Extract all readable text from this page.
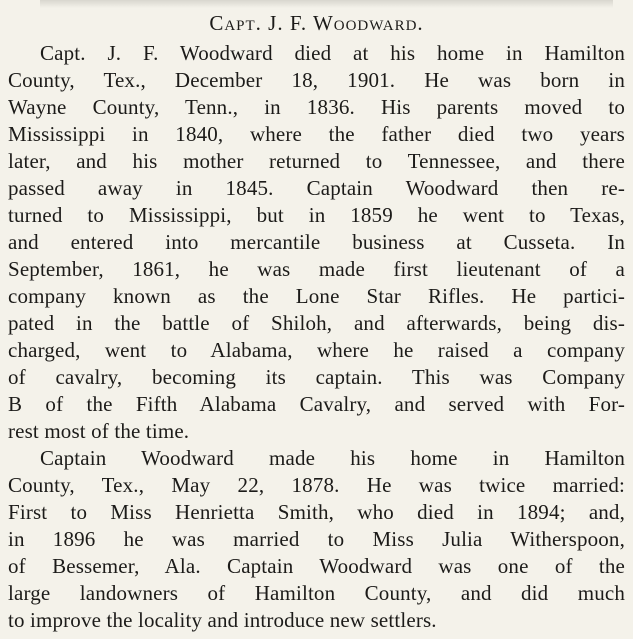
Capt. J. F. Woodward.
Capt. J. F. Woodward died at his home in Hamilton
County, Tex., December 18, 1901. He was born in
Wayne County, Tenn., in 1836. His parents moved to
Mississippi in 1840, where the father died two years
later, and his mother returned to Tennessee, and there
passed away in 1845. Captain Woodward then re-
turned to Mississippi, but in 1859 he went to Texas,
and entered into mercantile business at Cusseta. In
September, 1861, he was made first lieutenant of a
company known as the Lone Star Rifles. He partici-
pated in the battle of Shiloh, and afterwards, being dis-
charged, went to Alabama, where he raised a company
of cavalry, becoming its captain. This was Company
B of the Fifth Alabama Cavalry, and served with For-
rest most of the time.
Captain Woodward made his home in Hamilton
County, Tex., May 22, 1878. He was twice married:
First to Miss Henrietta Smith, who died in 1894; and,
in 1896 he was married to Miss Julia Witherspoon,
of Bessemer, Ala. Captain Woodward was one of the
large landowners of Hamilton County, and did much
to improve the locality and introduce new settlers.
